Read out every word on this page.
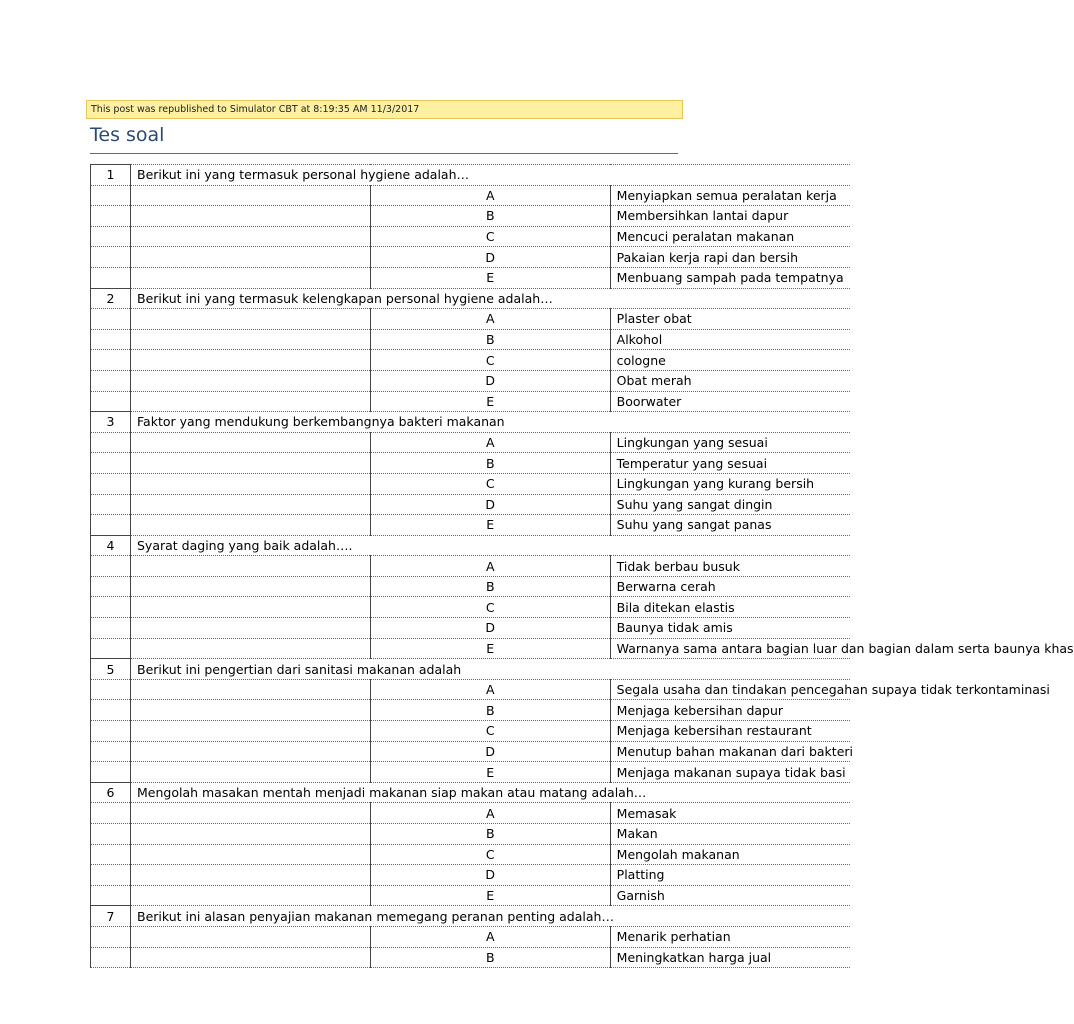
This post was republished to Simulator CBT at 8:19:35 AM 11/3/2017
Tes soal
1	Berikut ini yang termasuk personal hygiene adalah…		
		A	Menyiapkan semua peralatan kerja
		B	Membersihkan lantai dapur
		C	Mencuci peralatan makanan
		D	Pakaian kerja rapi dan bersih
		E	Menbuang sampah pada tempatnya
2	Berikut ini yang termasuk kelengkapan personal hygiene adalah…		
		A	Plaster obat
		B	Alkohol
		C	cologne
		D	Obat merah
		E	Boorwater
3	Faktor yang mendukung berkembangnya bakteri makanan		
		A	Lingkungan yang sesuai
		B	Temperatur yang sesuai
		C	Lingkungan yang kurang bersih
		D	Suhu yang sangat dingin
		E	Suhu yang sangat panas
4	Syarat daging yang baik adalah….		
		A	Tidak berbau busuk
		B	Berwarna cerah
		C	Bila ditekan elastis
		D	Baunya tidak amis
		E	Warnanya sama antara bagian luar dan bagian dalam serta baunya khas
5	Berikut ini pengertian dari sanitasi makanan adalah		
		A	Segala usaha dan tindakan pencegahan supaya tidak terkontaminasi
		B	Menjaga kebersihan dapur
		C	Menjaga kebersihan restaurant
		D	Menutup bahan makanan dari bakteri
		E	Menjaga makanan supaya tidak basi
6	Mengolah masakan mentah menjadi makanan siap makan atau matang adalah…		
		A	Memasak
		B	Makan
		C	Mengolah makanan
		D	Platting
		E	Garnish
7	Berikut ini alasan penyajian makanan memegang peranan penting adalah…		
		A	Menarik perhatian
		B	Meningkatkan harga jual
